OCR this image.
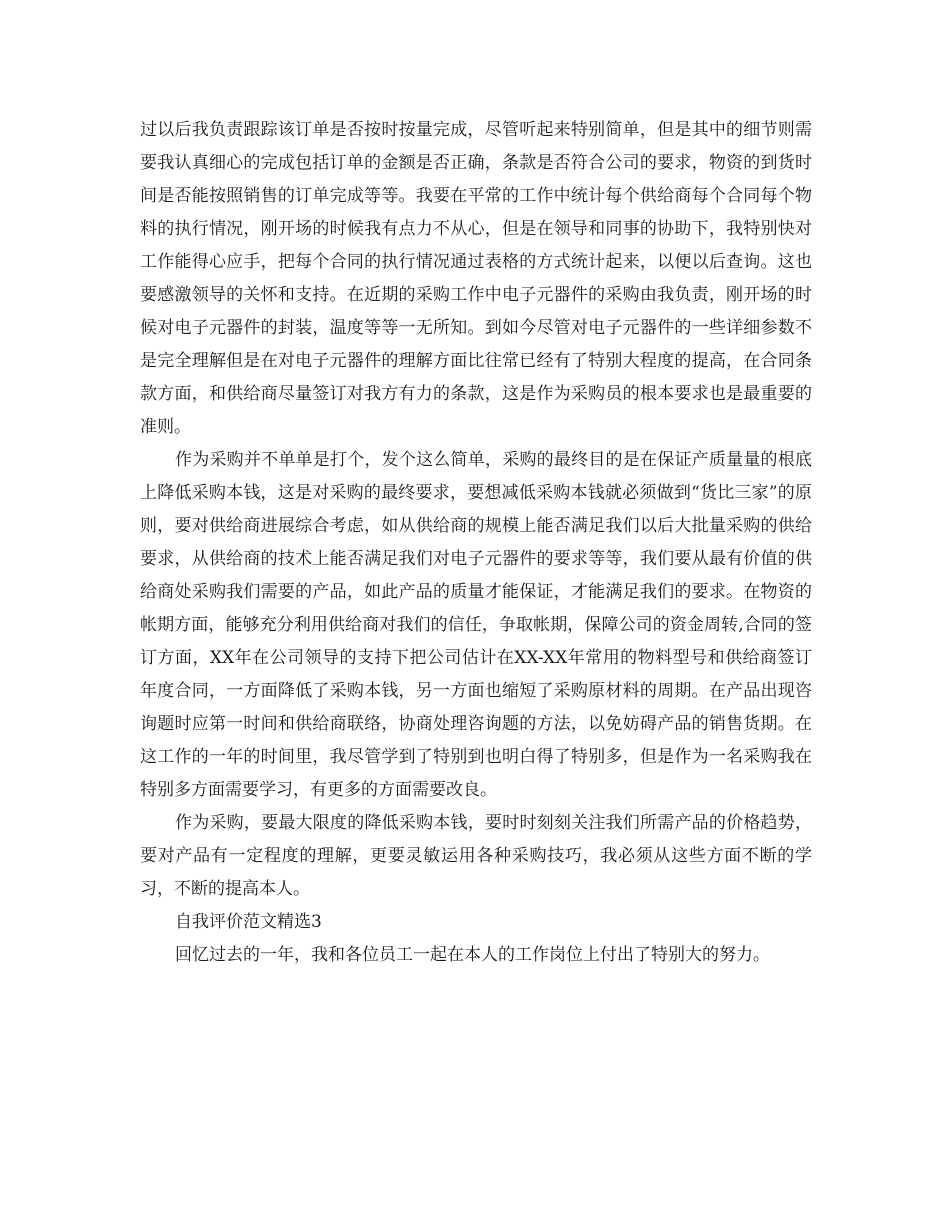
过以后我负责跟踪该订单是否按时按量完成，尽管听起来特别简单，但是其中的细节则需要我认真细心的完成包括订单的金额是否正确，条款是否符合公司的要求，物资的到货时间是否能按照销售的订单完成等等。我要在平常的工作中统计每个供给商每个合同每个物料的执行情况，刚开场的时候我有点力不从心，但是在领导和同事的协助下，我特别快对工作能得心应手，把每个合同的执行情况通过表格的方式统计起来，以便以后查询。这也要感激领导的关怀和支持。在近期的采购工作中电子元器件的采购由我负责，刚开场的时候对电子元器件的封装，温度等等一无所知。到如今尽管对电子元器件的一些详细参数不是完全理解但是在对电子元器件的理解方面比往常已经有了特别大程度的提高，在合同条款方面，和供给商尽量签订对我方有力的条款，这是作为采购员的根本要求也是最重要的准则。

作为采购并不单单是打个，发个这么简单，采购的最终目的是在保证产质量量的根底上降低采购本钱，这是对采购的最终要求，要想减低采购本钱就必须做到“货比三家”的原则，要对供给商进展综合考虑，如从供给商的规模上能否满足我们以后大批量采购的供给要求，从供给商的技术上能否满足我们对电子元器件的要求等等，我们要从最有价值的供给商处采购我们需要的产品，如此产品的质量才能保证，才能满足我们的要求。在物资的帐期方面，能够充分利用供给商对我们的信任，争取帐期，保障公司的资金周转,合同的签订方面，XX年在公司领导的支持下把公司估计在XX-XX年常用的物料型号和供给商签订年度合同，一方面降低了采购本钱，另一方面也缩短了采购原材料的周期。在产品出现咨询题时应第一时间和供给商联络，协商处理咨询题的方法，以免妨碍产品的销售货期。在这工作的一年的时间里，我尽管学到了特别到也明白得了特别多，但是作为一名采购我在特别多方面需要学习，有更多的方面需要改良。

作为采购，要最大限度的降低采购本钱，要时时刻刻关注我们所需产品的价格趋势，要对产品有一定程度的理解，更要灵敏运用各种采购技巧，我必须从这些方面不断的学习，不断的提高本人。

自我评价范文精选3

回忆过去的一年，我和各位员工一起在本人的工作岗位上付出了特别大的努力。
